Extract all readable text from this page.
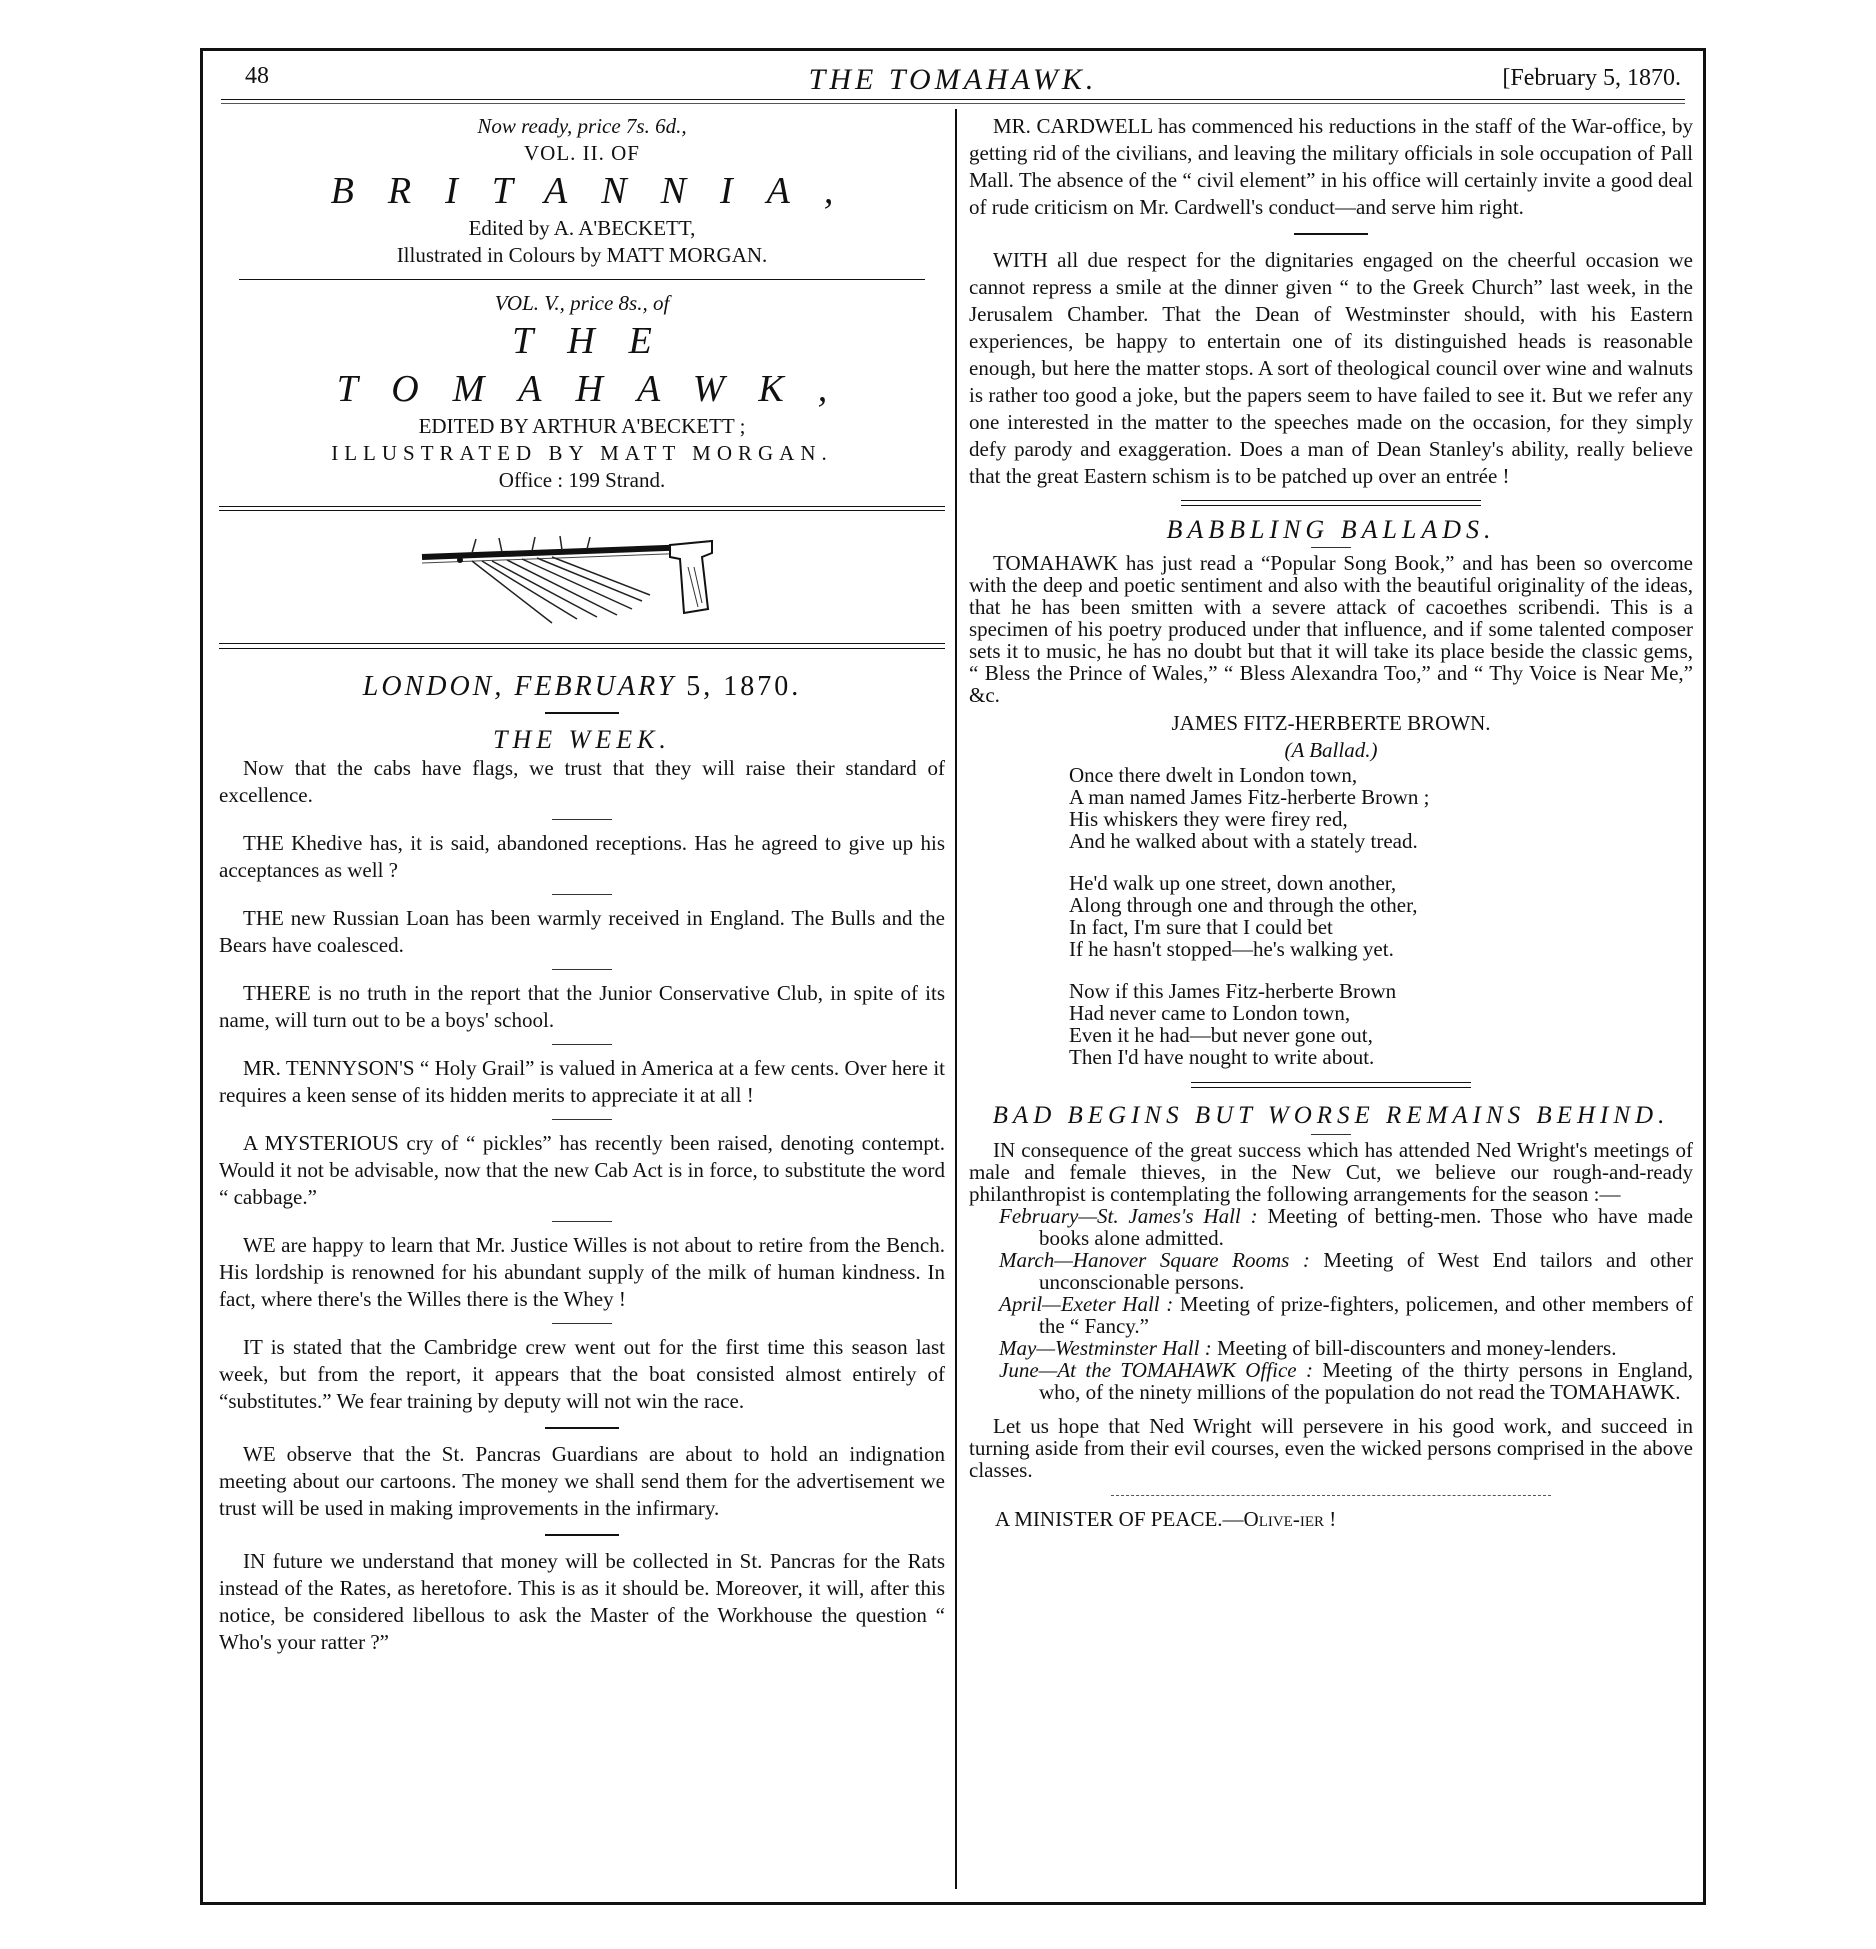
48	THE TOMAHAWK.	[February 5, 1870.
Now ready, price 7s. 6d.,
VOL. II. OF
BRITANNIA,
Edited by A. A'BECKETT,
Illustrated in Colours by MATT MORGAN.
VOL. V., price 8s., of
THE TOMAHAWK,
EDITED BY ARTHUR A'BECKETT ;
ILLUSTRATED BY MATT MORGAN.
Office : 199 Strand.
LONDON, FEBRUARY 5, 1870.
THE WEEK.

Now that the cabs have flags, we trust that they will raise their standard of excellence.

THE Khedive has, it is said, abandoned receptions. Has he agreed to give up his acceptances as well ?

THE new Russian Loan has been warmly received in England. The Bulls and the Bears have coalesced.

THERE is no truth in the report that the Junior Conservative Club, in spite of its name, will turn out to be a boys' school.

MR. TENNYSON'S “ Holy Grail” is valued in America at a few cents. Over here it requires a keen sense of its hidden merits to appreciate it at all !

A MYSTERIOUS cry of “ pickles” has recently been raised, denoting contempt. Would it not be advisable, now that the new Cab Act is in force, to substitute the word “ cabbage.”

WE are happy to learn that Mr. Justice Willes is not about to retire from the Bench. His lordship is renowned for his abundant supply of the milk of human kindness. In fact, where there's the Willes there is the Whey !

IT is stated that the Cambridge crew went out for the first time this season last week, but from the report, it appears that the boat consisted almost entirely of “substitutes.” We fear training by deputy will not win the race.

WE observe that the St. Pancras Guardians are about to hold an indignation meeting about our cartoons. The money we shall send them for the advertisement we trust will be used in making improvements in the infirmary.

IN future we understand that money will be collected in St. Pancras for the Rats instead of the Rates, as heretofore. This is as it should be. Moreover, it will, after this notice, be considered libellous to ask the Master of the Workhouse the question “ Who's your ratter ?”

MR. CARDWELL has commenced his reductions in the staff of the War-office, by getting rid of the civilians, and leaving the military officials in sole occupation of Pall Mall. The absence of the “ civil element” in his office will certainly invite a good deal of rude criticism on Mr. Cardwell's conduct—and serve him right.

WITH all due respect for the dignitaries engaged on the cheerful occasion we cannot repress a smile at the dinner given “ to the Greek Church” last week, in the Jerusalem Chamber. That the Dean of Westminster should, with his Eastern experiences, be happy to entertain one of its distinguished heads is reasonable enough, but here the matter stops. A sort of theological council over wine and walnuts is rather too good a joke, but the papers seem to have failed to see it. But we refer any one interested in the matter to the speeches made on the occasion, for they simply defy parody and exaggeration. Does a man of Dean Stanley's ability, really believe that the great Eastern schism is to be patched up over an entrée !

BABBLING BALLADS.

TOMAHAWK has just read a “Popular Song Book,” and has been so overcome with the deep and poetic sentiment and also with the beautiful originality of the ideas, that he has been smitten with a severe attack of cacoethes scribendi. This is a specimen of his poetry produced under that influence, and if some talented composer sets it to music, he has no doubt but that it will take its place beside the classic gems, “ Bless the Prince of Wales,” “ Bless Alexandra Too,” and “ Thy Voice is Near Me,” &c.

JAMES FITZ-HERBERTE BROWN.
(A Ballad.)
Once there dwelt in London town,
A man named James Fitz-herberte Brown ;
His whiskers they were firey red,
And he walked about with a stately tread.
He'd walk up one street, down another,
Along through one and through the other,
In fact, I'm sure that I could bet
If he hasn't stopped—he's walking yet.
Now if this James Fitz-herberte Brown
Had never came to London town,
Even it he had—but never gone out,
Then I'd have nought to write about.
BAD BEGINS BUT WORSE REMAINS BEHIND.

IN consequence of the great success which has attended Ned Wright's meetings of male and female thieves, in the New Cut, we believe our rough-and-ready philanthropist is contemplating the following arrangements for the season :—

February—St. James's Hall : Meeting of betting-men. Those who have made books alone admitted.

March—Hanover Square Rooms : Meeting of West End tailors and other unconscionable persons.

April—Exeter Hall : Meeting of prize-fighters, policemen, and other members of the “ Fancy.”

May—Westminster Hall : Meeting of bill-discounters and money-lenders.

June—At the TOMAHAWK Office : Meeting of the thirty persons in England, who, of the ninety millions of the population do not read the TOMAHAWK.

Let us hope that Ned Wright will persevere in his good work, and succeed in turning aside from their evil courses, even the wicked persons comprised in the above classes.

A MINISTER OF PEACE.—Olive-ier !
